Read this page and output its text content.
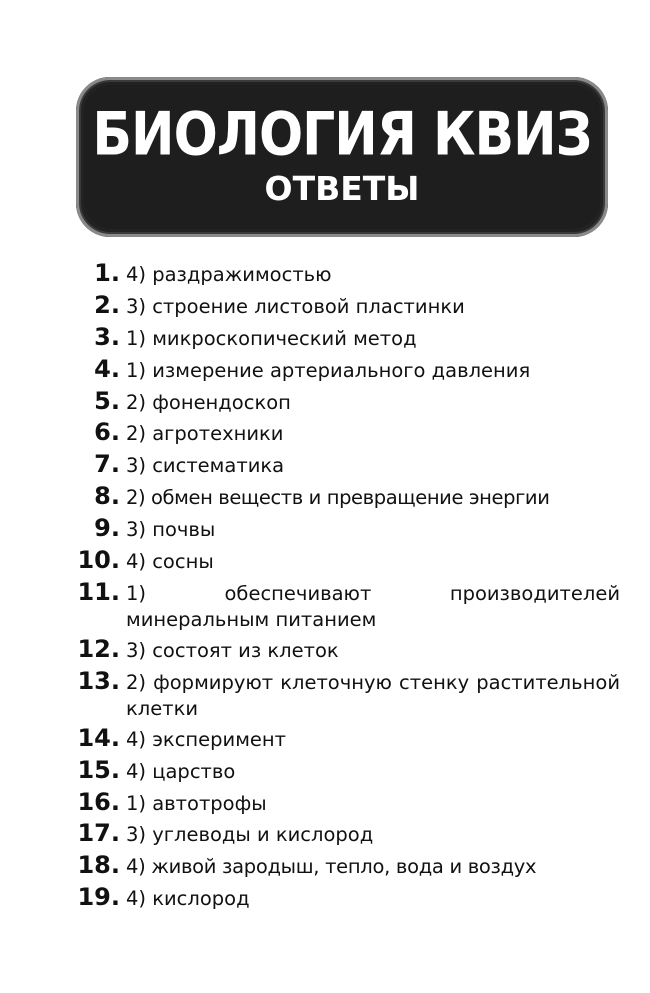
БИОЛОГИЯ КВИЗ
ОТВЕТЫ
1. 4) раздражимостью
2. 3) строение листовой пластинки
3. 1) микроскопический метод
4. 1) измерение артериального давления
5. 2) фонендоскоп
6. 2) агротехники
7. 3) систематика
8. 2) обмен веществ и превращение энергии
9. 3) почвы
10. 4) сосны
11. 1) обеспечивают производителей минеральным питанием
12. 3) состоят из клеток
13. 2) формируют клеточную стенку растительной клетки
14. 4) эксперимент
15. 4) царство
16. 1) автотрофы
17. 3) углеводы и кислород
18. 4) живой зародыш, тепло, вода и воздух
19. 4) кислород
